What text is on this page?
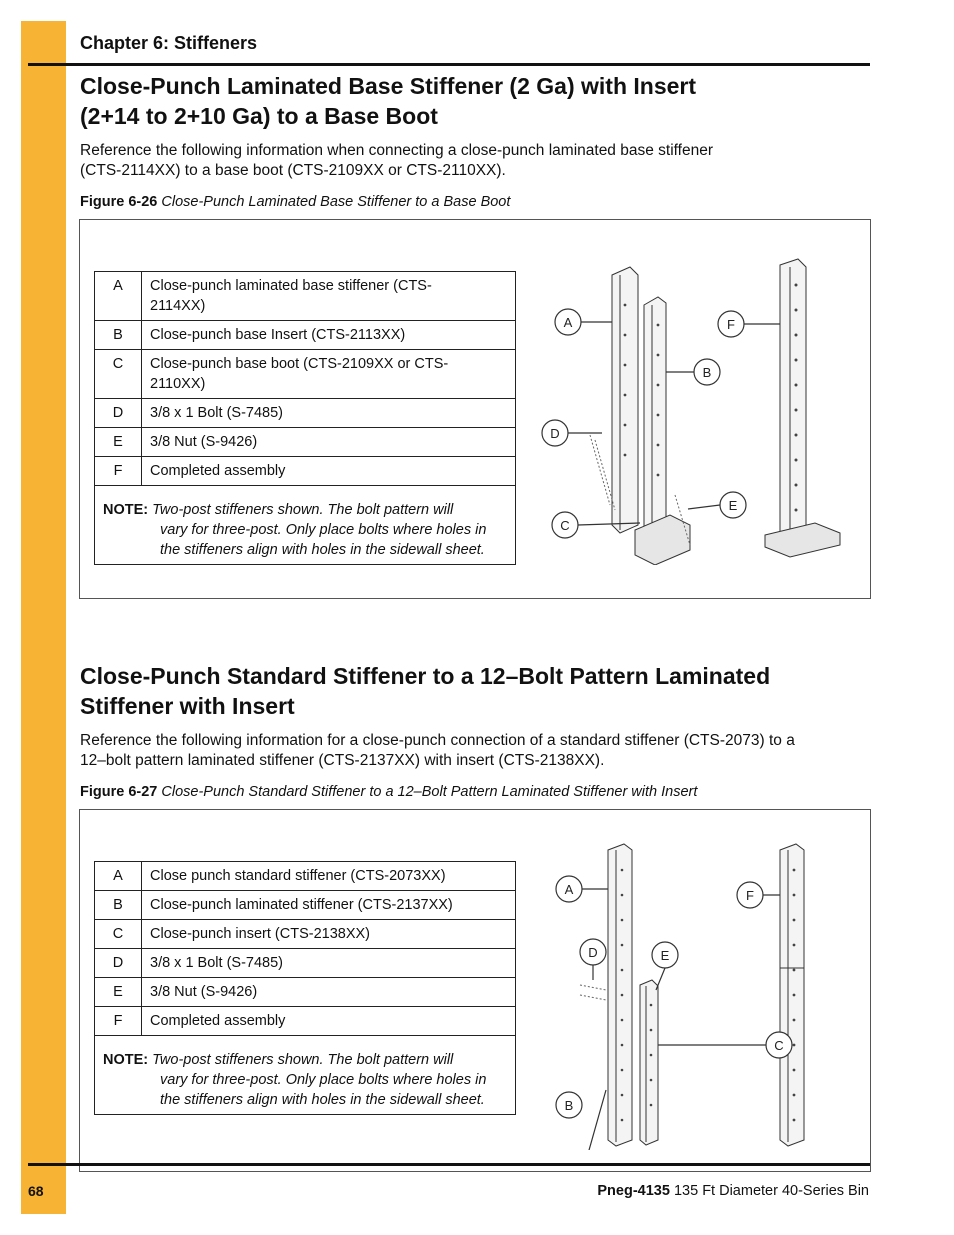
Chapter 6: Stiffeners
Close-Punch Laminated Base Stiffener (2 Ga) with Insert
(2+14 to 2+10 Ga) to a Base Boot

Reference the following information when connecting a close-punch laminated base stiffener
(CTS-2114XX) to a base boot (CTS-2109XX or CTS-2110XX).

Figure 6-26 Close-Punch Laminated Base Stiffener to a Base Boot
A	Close-punch laminated base stiffener (CTS-
2114XX)
B	Close-punch base Insert (CTS-2113XX)
C	Close-punch base boot (CTS-2109XX or CTS-
2110XX)
D	3/8 x 1 Bolt (S-7485)
E	3/8 Nut (S-9426)
F	Completed assembly
NOTE: Two-post stiffeners shown. The bolt pattern will
vary for three-post. Only place bolts where holes in
the stiffeners align with holes in the sidewall sheet.	
A
B
C
D
E
F
Close-Punch Standard Stiffener to a 12–Bolt Pattern Laminated
Stiffener with Insert

Reference the following information for a close-punch connection of a standard stiffener (CTS-2073) to a
12–bolt pattern laminated stiffener (CTS-2137XX) with insert (CTS-2138XX).

Figure 6-27 Close-Punch Standard Stiffener to a 12–Bolt Pattern Laminated Stiffener with Insert
A	Close punch standard stiffener (CTS-2073XX)
B	Close-punch laminated stiffener (CTS-2137XX)
C	Close-punch insert (CTS-2138XX)
D	3/8 x 1 Bolt (S-7485)
E	3/8 Nut (S-9426)
F	Completed assembly
NOTE: Two-post stiffeners shown. The bolt pattern will
vary for three-post. Only place bolts where holes in
the stiffeners align with holes in the sidewall sheet.	
A
B
C
D	E
F
68	Pneg-4135 135 Ft Diameter 40-Series Bin
